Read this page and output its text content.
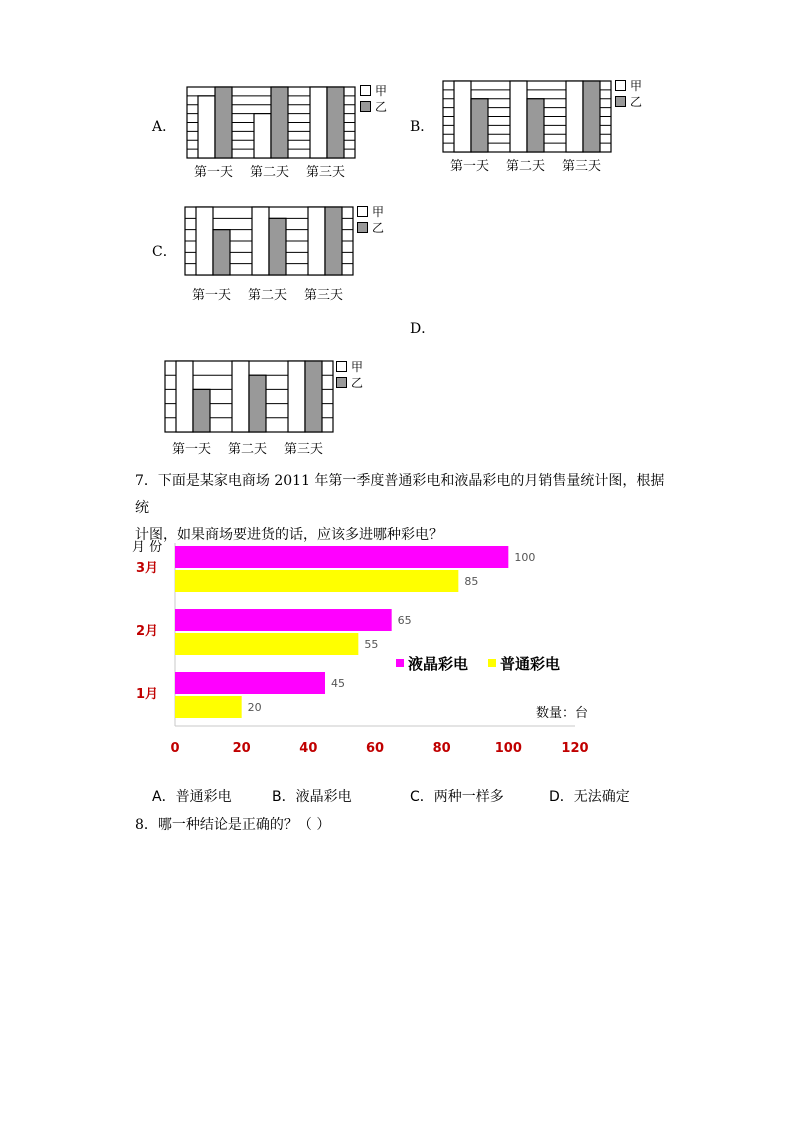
A．
第一天 第二天 第三天
甲
乙
B．
第一天 第二天 第三天
甲
乙
C．
第一天 第二天 第三天
甲
乙
D．
第一天 第二天 第三天
甲
乙
7．下面是某家电商场 2011 年第一季度普通彩电和液晶彩电的月销售量统计图，根据统
计图，如果商场要进货的话，应该多进哪种彩电？
月 份
100
85
65
55
45
20
0	20	40	60	80	100	120
3月
2月
1月
液晶彩电 普通彩电
数量：台
A．普通彩电	B．液晶彩电	C．两种一样多	D．无法确定
8．哪一种结论是正确的？（ ）
